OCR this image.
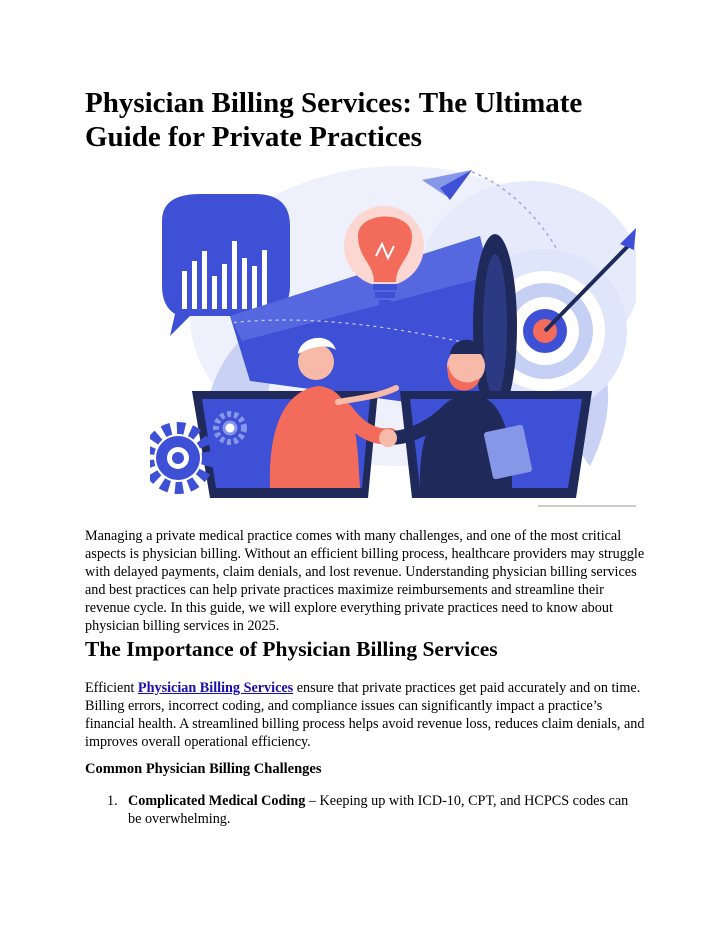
Physician Billing Services: The Ultimate Guide for Private Practices

Managing a private medical practice comes with many challenges, and one of the most critical aspects is physician billing. Without an efficient billing process, healthcare providers may struggle with delayed payments, claim denials, and lost revenue. Understanding physician billing services and best practices can help private practices maximize reimbursements and streamline their revenue cycle. In this guide, we will explore everything private practices need to know about physician billing services in 2025.

The Importance of Physician Billing Services

Efficient Physician Billing Services ensure that private practices get paid accurately and on time. Billing errors, incorrect coding, and compliance issues can significantly impact a practice’s financial health. A streamlined billing process helps avoid revenue loss, reduces claim denials, and improves overall operational efficiency.

Common Physician Billing Challenges
1. Complicated Medical Coding – Keeping up with ICD-10, CPT, and HCPCS codes can be overwhelming.
